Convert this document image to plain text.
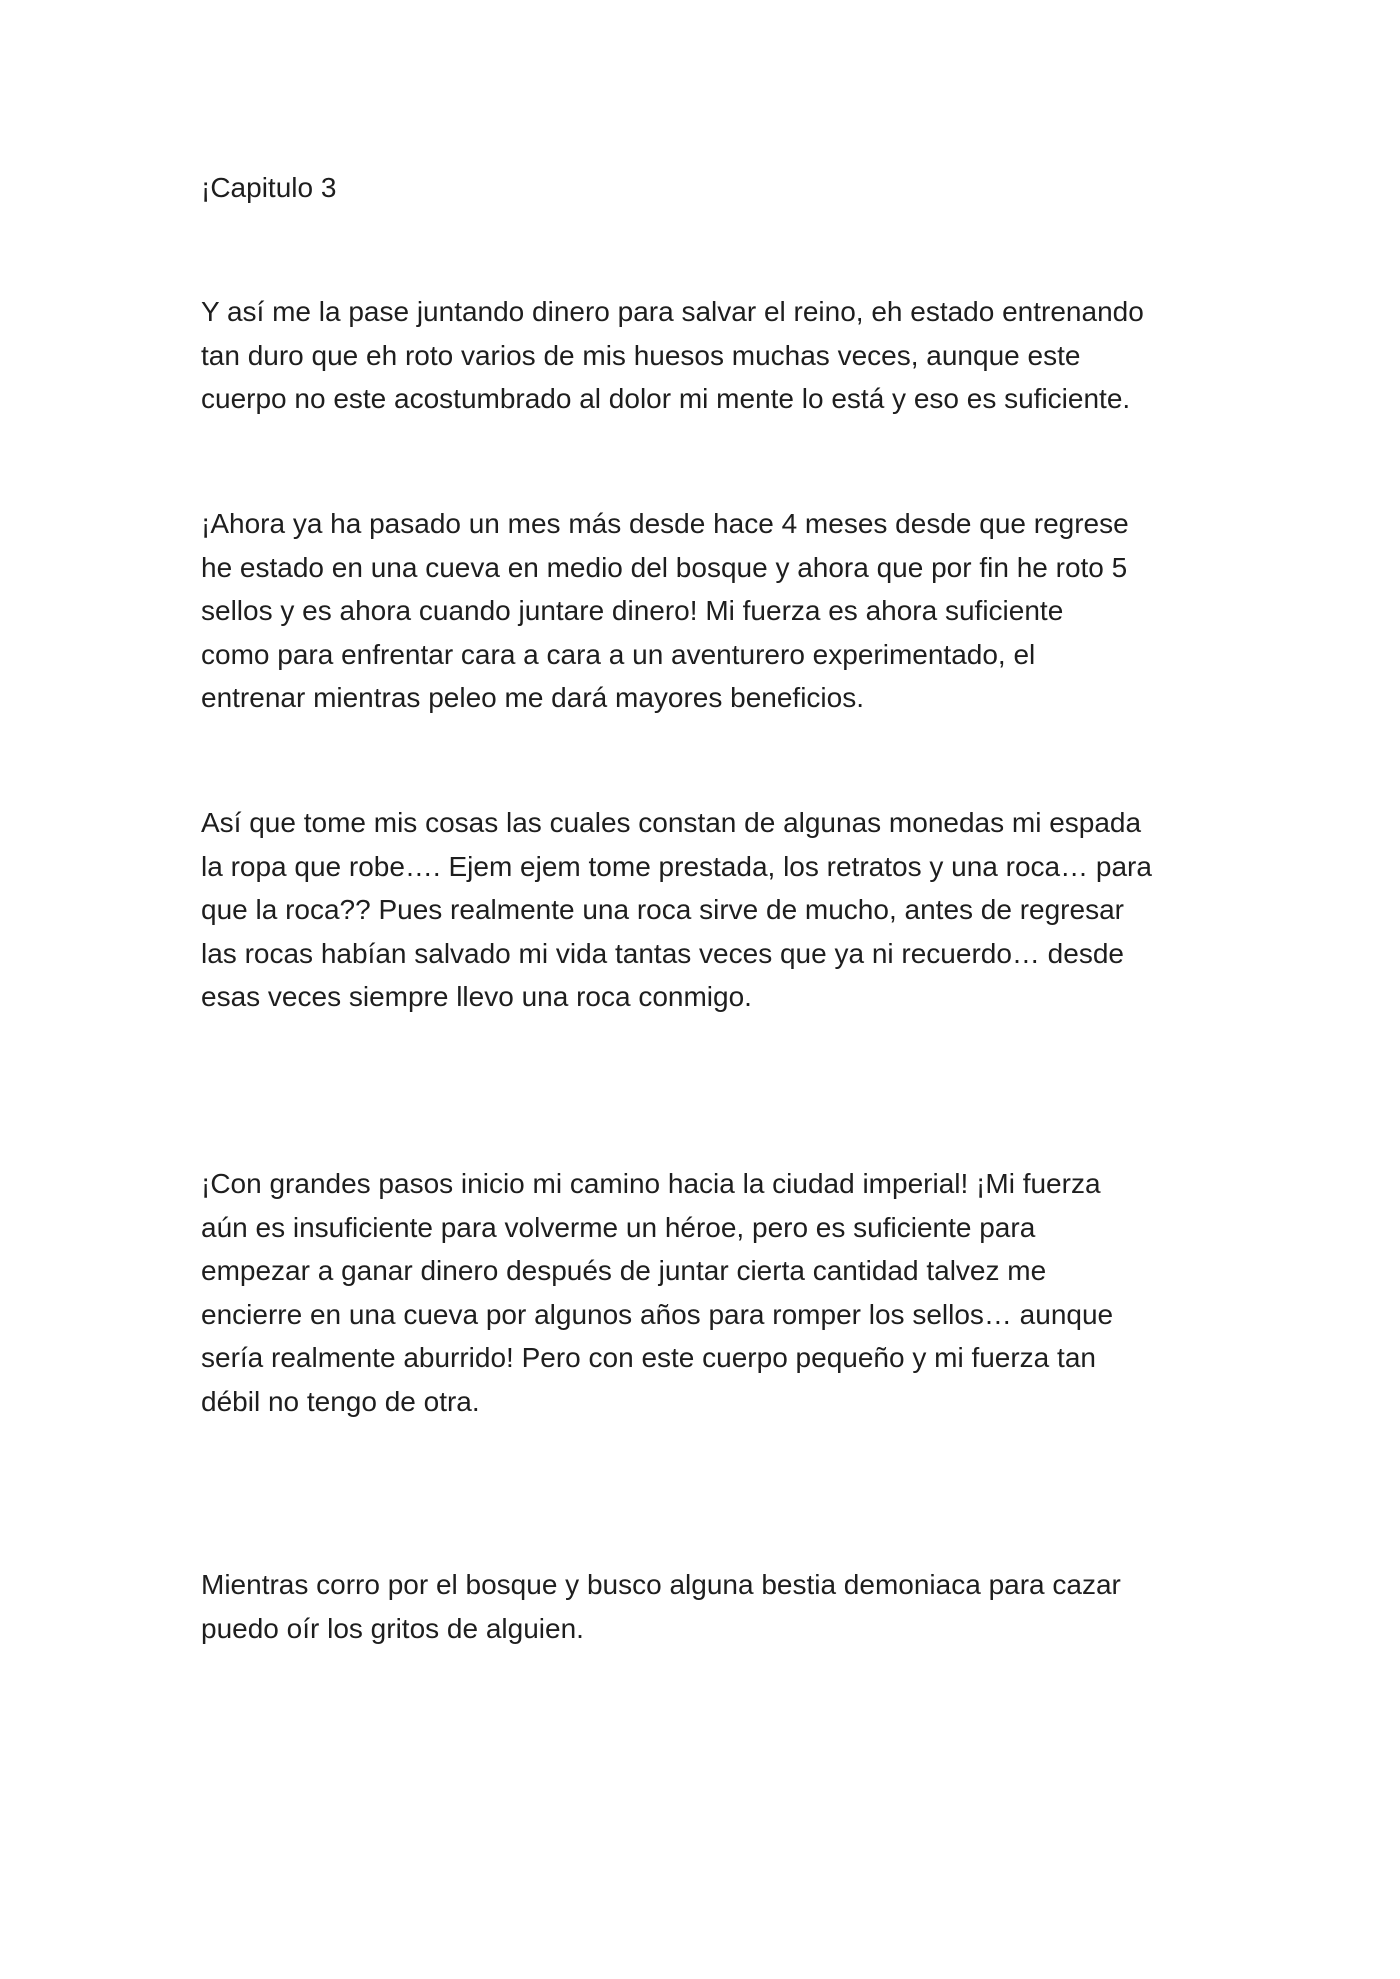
¡Capitulo 3

Y así me la pase juntando dinero para salvar el reino, eh estado entrenando
tan duro que eh roto varios de mis huesos muchas veces, aunque este
cuerpo no este acostumbrado al dolor mi mente lo está y eso es suficiente.

¡Ahora ya ha pasado un mes más desde hace 4 meses desde que regrese
he estado en una cueva en medio del bosque y ahora que por fin he roto 5
sellos y es ahora cuando juntare dinero! Mi fuerza es ahora suficiente
como para enfrentar cara a cara a un aventurero experimentado, el
entrenar mientras peleo me dará mayores beneficios.

Así que tome mis cosas las cuales constan de algunas monedas mi espada
la ropa que robe…. Ejem ejem tome prestada, los retratos y una roca… para
que la roca?? Pues realmente una roca sirve de mucho, antes de regresar
las rocas habían salvado mi vida tantas veces que ya ni recuerdo… desde
esas veces siempre llevo una roca conmigo.

¡Con grandes pasos inicio mi camino hacia la ciudad imperial! ¡Mi fuerza
aún es insuficiente para volverme un héroe, pero es suficiente para
empezar a ganar dinero después de juntar cierta cantidad talvez me
encierre en una cueva por algunos años para romper los sellos… aunque
sería realmente aburrido! Pero con este cuerpo pequeño y mi fuerza tan
débil no tengo de otra.

Mientras corro por el bosque y busco alguna bestia demoniaca para cazar
puedo oír los gritos de alguien.
